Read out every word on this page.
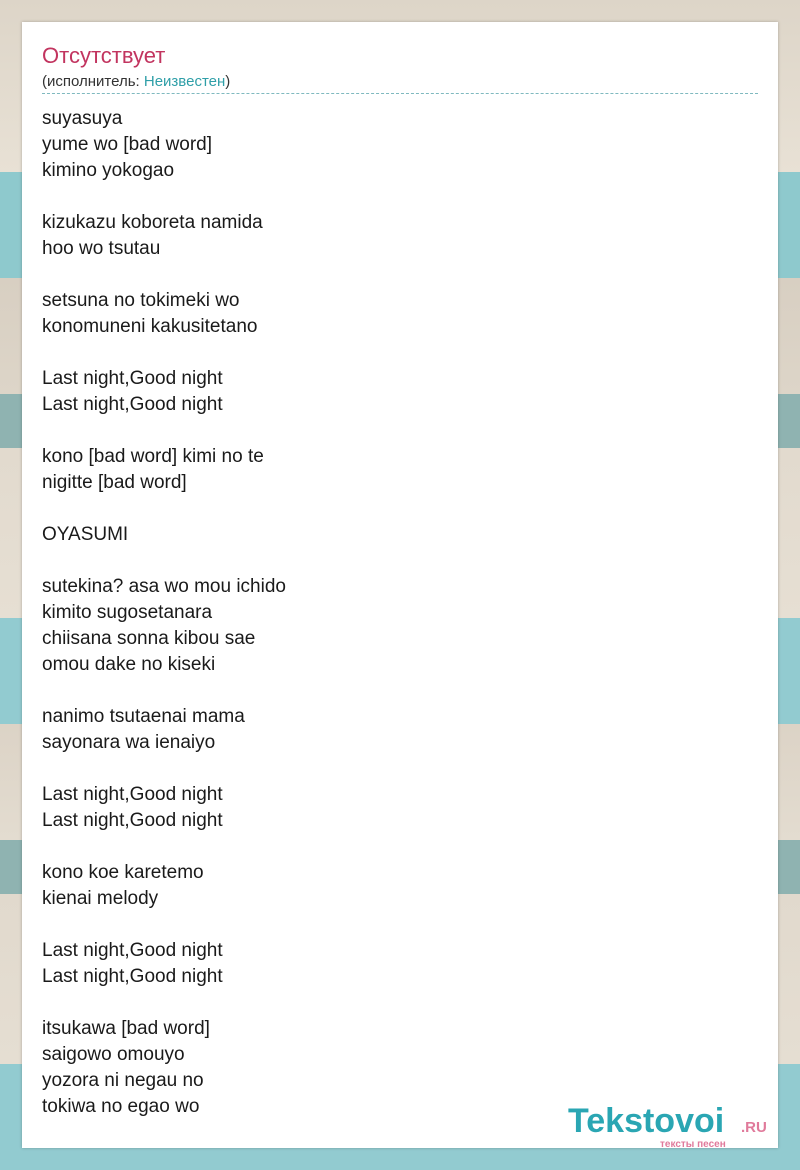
Отсутствует
(исполнитель: Неизвестен)
suyasuya
yume wo [bad word]
kimino yokogao
kizukazu koboreta namida
hoo wo tsutau
setsuna no tokimeki wo
konomuneni kakusitetano
Last night,Good night
Last night,Good night
kono [bad word] kimi no te
nigitte [bad word]
OYASUMI
sutekina? asa wo mou ichido
kimito sugosetanara
chiisana sonna kibou sae
omou dake no kiseki
nanimo tsutaenai mama
sayonara wa ienaiyo
Last night,Good night
Last night,Good night
kono koe karetemo
kienai melody
Last night,Good night
Last night,Good night
itsukawa [bad word]
saigowo omouyo
yozora ni negau no
tokiwa no egao wo	Tekstovoi .RU
тексты песен
